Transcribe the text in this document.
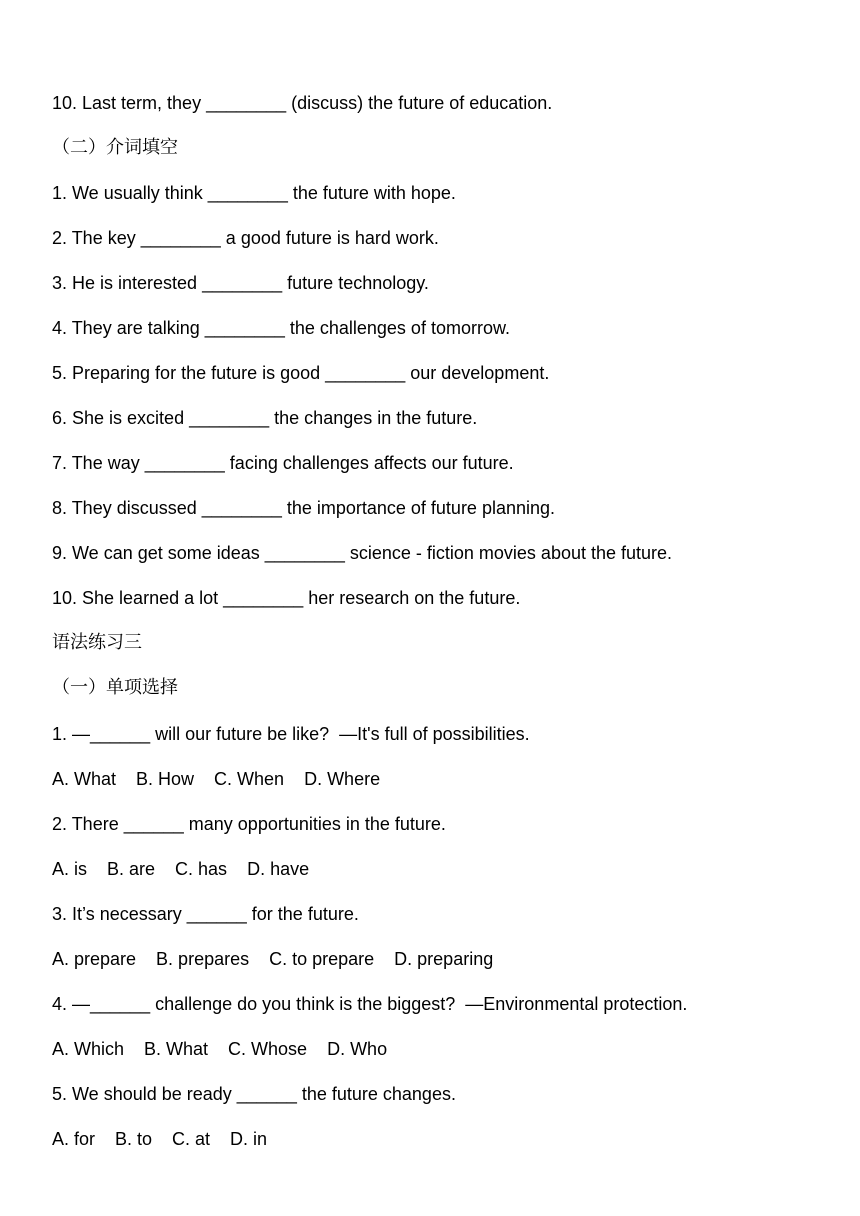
10. Last term, they ________ (discuss) the future of education.
（二）介词填空
1. We usually think ________ the future with hope.
2. The key ________ a good future is hard work.
3. He is interested ________ future technology.
4. They are talking ________ the challenges of tomorrow.
5. Preparing for the future is good ________ our development.
6. She is excited ________ the changes in the future.
7. The way ________ facing challenges affects our future.
8. They discussed ________ the importance of future planning.
9. We can get some ideas ________ science - fiction movies about the future.
10. She learned a lot ________ her research on the future.
语法练习三
（一）单项选择
1. —______ will our future be like?  —It's full of possibilities.
A. What    B. How    C. When    D. Where
2. There ______ many opportunities in the future.
A. is    B. are    C. has    D. have
3. It’s necessary ______ for the future.
A. prepare    B. prepares    C. to prepare    D. preparing
4. —______ challenge do you think is the biggest?  —Environmental protection.
A. Which    B. What    C. Whose    D. Who
5. We should be ready ______ the future changes.
A. for    B. to    C. at    D. in
